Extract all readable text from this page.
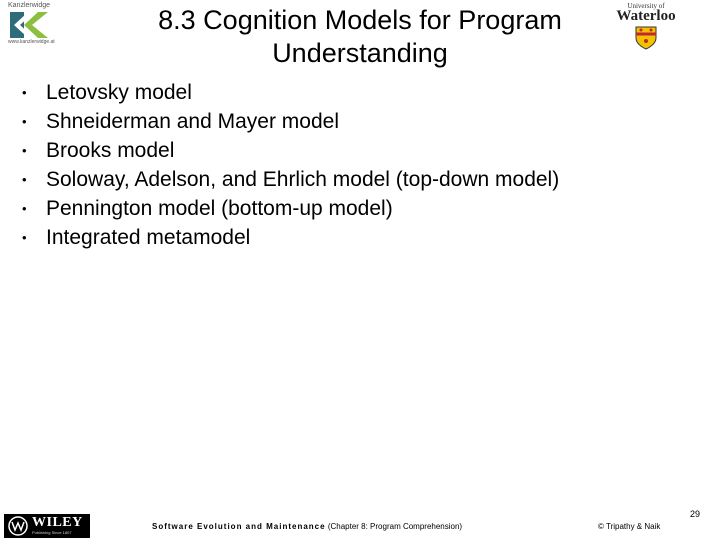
Kanzlerwidge
www.kanzlerwidge.at
8.3 Cognition Models for Program
Understanding
University of
Waterloo
• Letovsky model
• Shneiderman and Mayer model
• Brooks model
• Soloway, Adelson, and Ehrlich model (top-down model)
• Pennington model (bottom-up model)
• Integrated metamodel
29
WILEY
Publishing Since 1807
Software Evolution and Maintenance (Chapter 8: Program Comprehension)	© Tripathy & Naik
